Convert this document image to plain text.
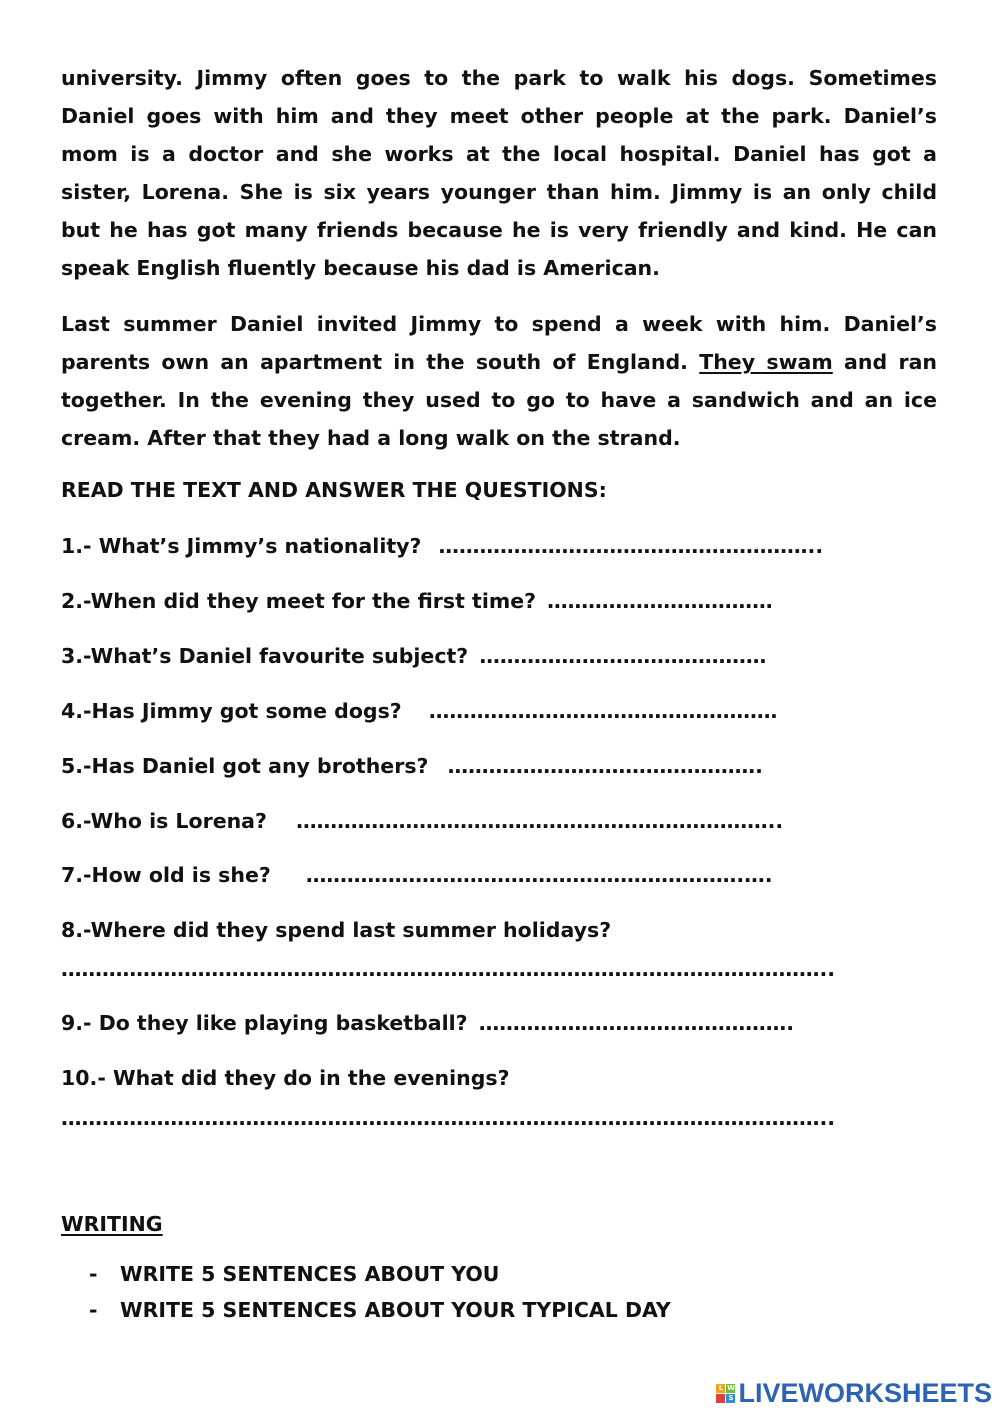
university. Jimmy often goes to the park to walk his dogs. Sometimes Daniel goes with him and they meet other people at the park. Daniel’s mom is a doctor and she works at the local hospital. Daniel has got a sister, Lorena. She is six years younger than him. Jimmy is an only child but he has got many friends because he is very friendly and kind. He can speak English fluently because his dad is American.

Last summer Daniel invited Jimmy to spend a week with him. Daniel’s parents own an apartment in the south of England. They swam and ran together. In the evening they used to go to have a sandwich and an ice cream. After that they had a long walk on the strand.

READ THE TEXT AND ANSWER THE QUESTIONS:

1.- What’s Jimmy’s nationality? ………………………………………………..

2.-When did they meet for the first time? ……………………………

3.-What’s Daniel favourite subject? ……………………………………

4.-Has Jimmy got some dogs? ……………………………………………

5.-Has Daniel got any brothers? ……………………………………….

6.-Who is Lorena? ……………………………………………………………..

7.-How old is she? ……………………………………………………….….

8.-Where did they spend last summer holidays?

…………………………………………………………………………………………………..

9.- Do they like playing basketball? ……………………………………….

10.- What did they do in the evenings?

…………………………………………………………………………………………………..

WRITING

- WRITE 5 SENTENCES ABOUT YOU

- WRITE 5 SENTENCES ABOUT YOUR TYPICAL DAY

L W
S LIVEWORKSHEETS
